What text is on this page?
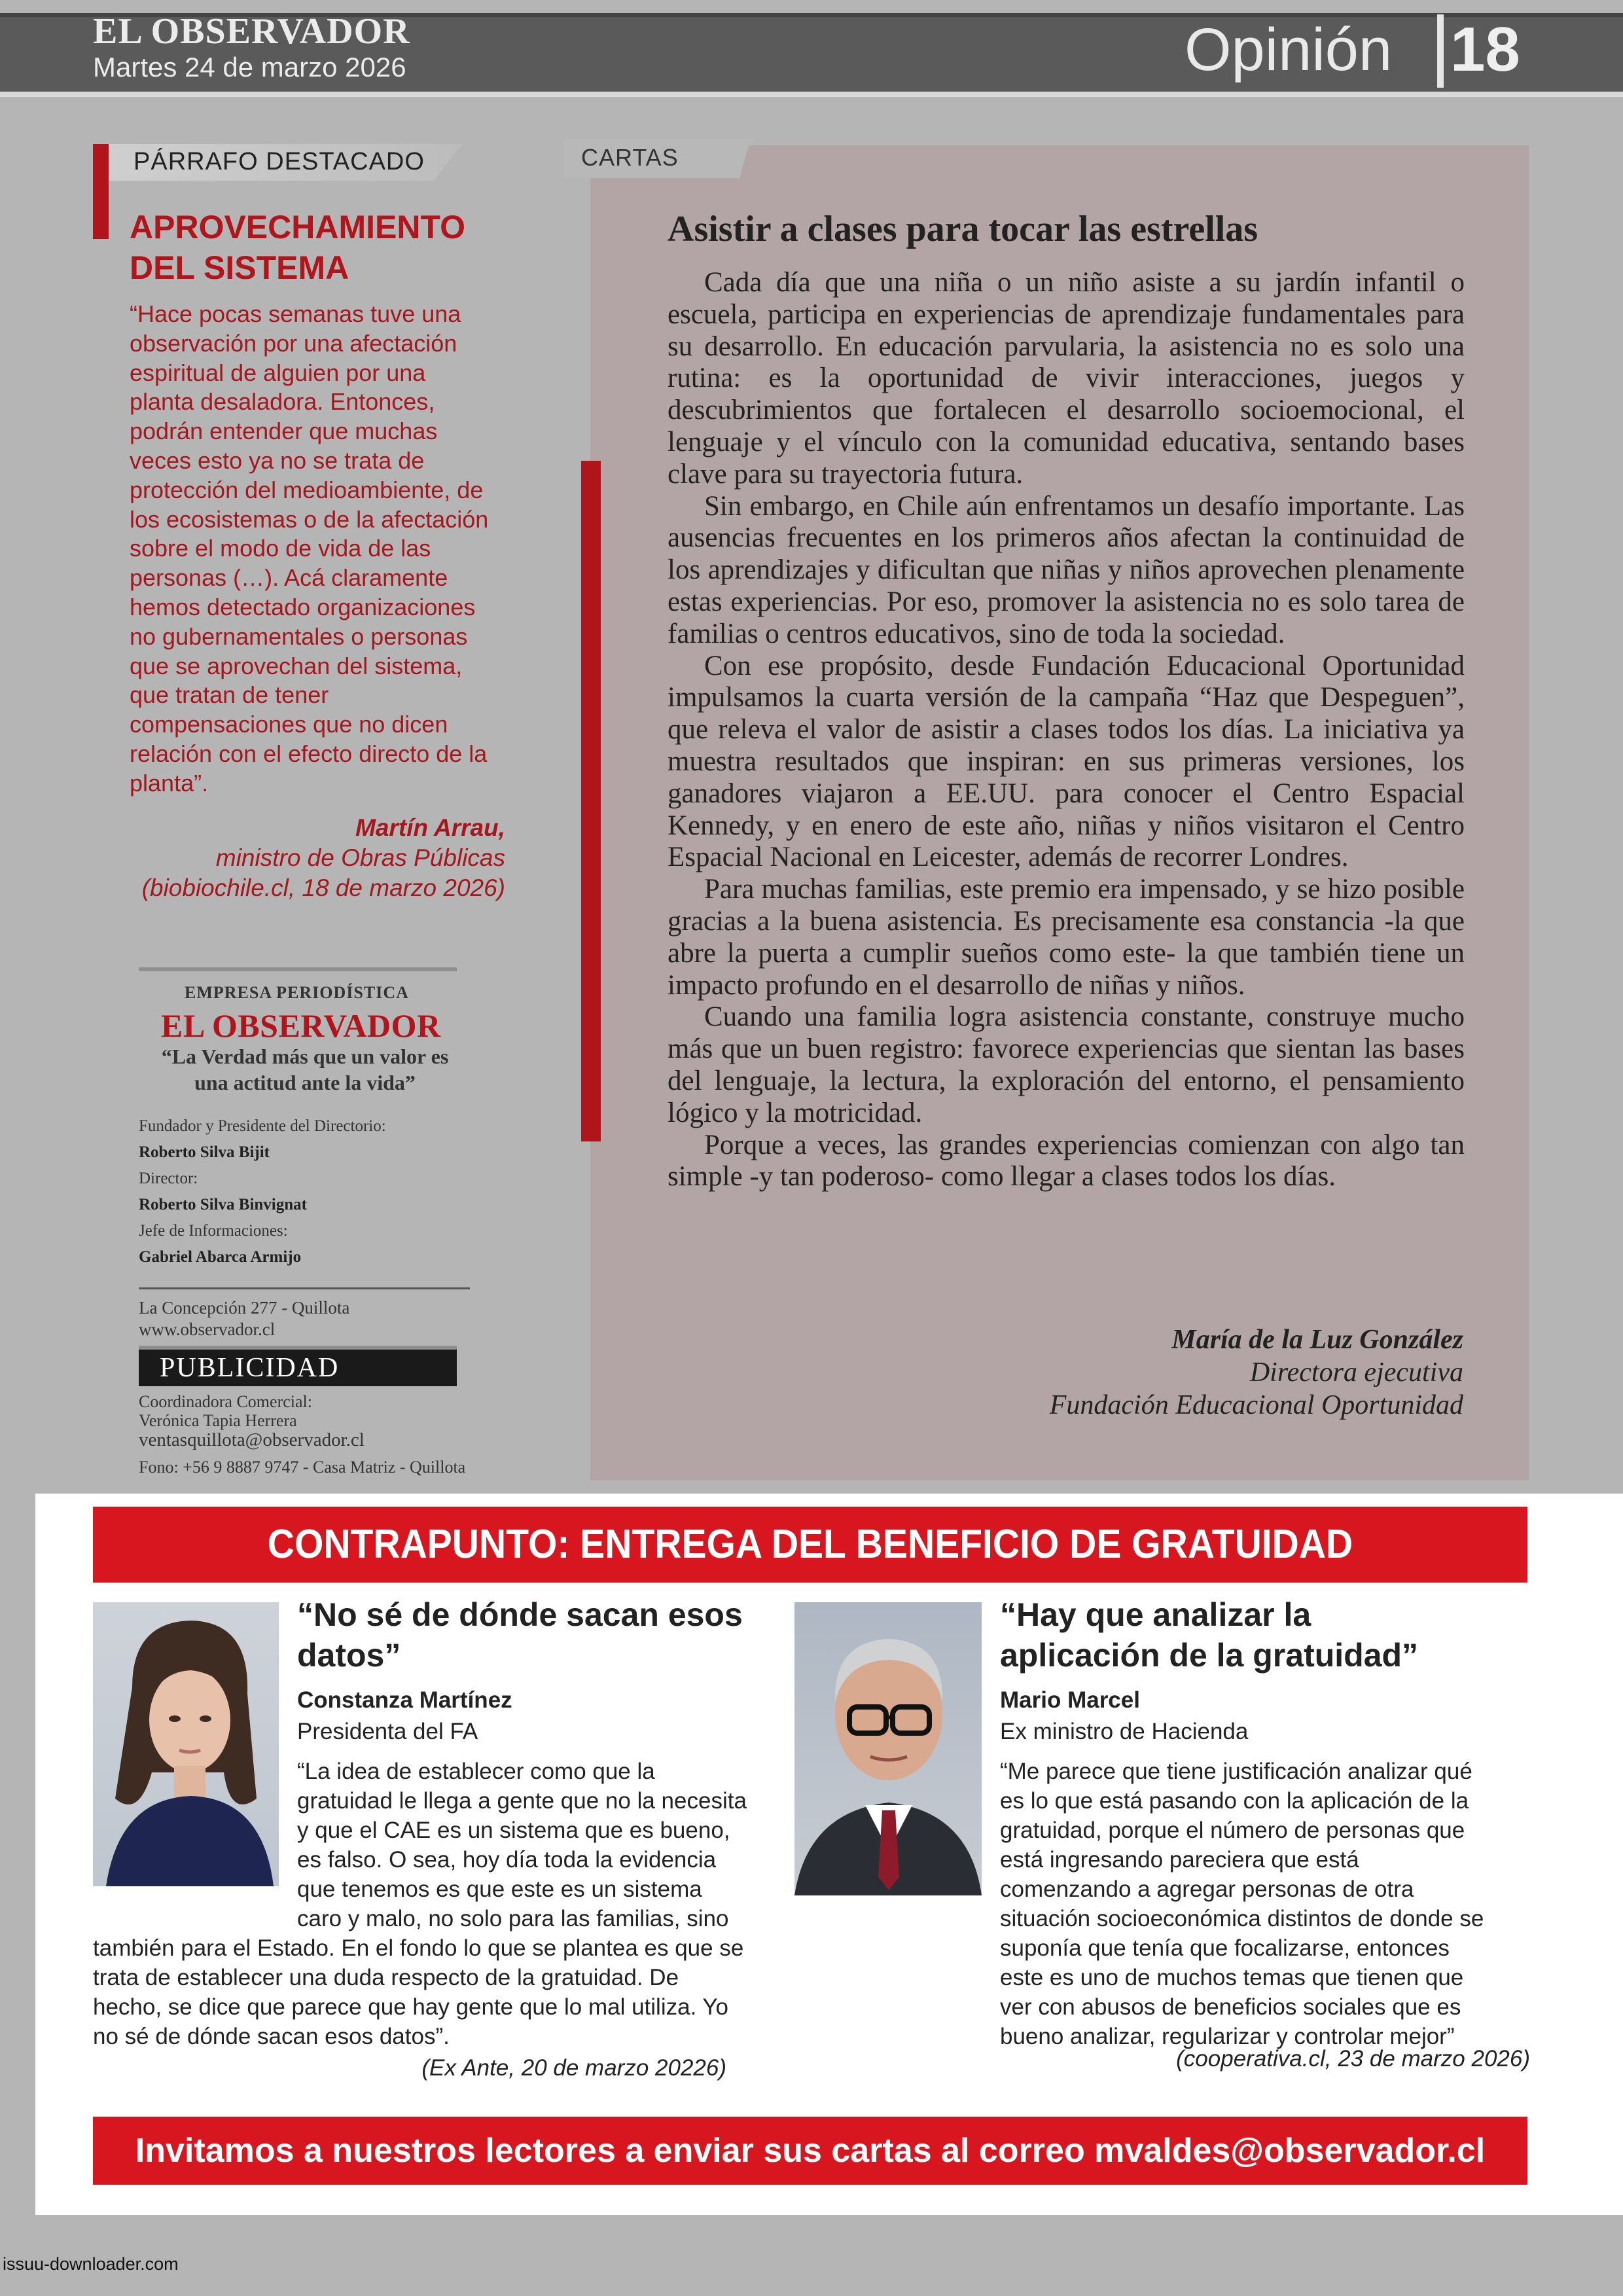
EL OBSERVADOR
Martes 24 de marzo 2026	Opinión 18
PÁRRAFO DESTACADO
APROVECHAMIENTO DEL SISTEMA
“Hace pocas semanas tuve una observación por una afectación espiritual de alguien por una planta desaladora. Entonces, podrán entender que muchas veces esto ya no se trata de protección del medioambiente, de los ecosistemas o de la afectación sobre el modo de vida de las personas (…). Acá claramente hemos detectado organizaciones no gubernamentales o personas que se aprovechan del sistema, que tratan de tener compensaciones que no dicen relación con el efecto directo de la planta”.
Martín Arrau,
ministro de Obras Públicas
(biobiochile.cl, 18 de marzo 2026)
EMPRESA PERIODÍSTICA
EL OBSERVADOR
“La Verdad más que un valor es una actitud ante la vida”
Fundador y Presidente del Directorio:
Roberto Silva Bijit
Director:
Roberto Silva Binvignat
Jefe de Informaciones:
Gabriel Abarca Armijo
La Concepción 277 - Quillota
www.observador.cl
PUBLICIDAD
Coordinadora Comercial:
Verónica Tapia Herrera
ventasquillota@observador.cl
Fono: +56 9 8887 9747 - Casa Matriz - Quillota
CARTAS
Asistir a clases para tocar las estrellas

Cada día que una niña o un niño asiste a su jardín infantil o escuela, participa en experiencias de aprendizaje fundamentales para su desarrollo. En educación parvularia, la asistencia no es solo una rutina: es la oportunidad de vivir interacciones, juegos y descubrimientos que fortalecen el desarrollo socioemocional, el lenguaje y el vínculo con la comunidad educativa, sentando bases clave para su trayectoria futura.

Sin embargo, en Chile aún enfrentamos un desafío importante. Las ausencias frecuentes en los primeros años afectan la continuidad de los aprendizajes y dificultan que niñas y niños aprovechen plenamente estas experiencias. Por eso, promover la asistencia no es solo tarea de familias o centros educativos, sino de toda la sociedad.

Con ese propósito, desde Fundación Educacional Oportunidad impulsamos la cuarta versión de la campaña “Haz que Despeguen”, que releva el valor de asistir a clases todos los días. La iniciativa ya muestra resultados que inspiran: en sus primeras versiones, los ganadores viajaron a EE.UU. para conocer el Centro Espacial Kennedy, y en enero de este año, niñas y niños visitaron el Centro Espacial Nacional en Leicester, además de recorrer Londres.

Para muchas familias, este premio era impensado, y se hizo posible gracias a la buena asistencia. Es precisamente esa constancia -la que abre la puerta a cumplir sueños como este- la que también tiene un impacto profundo en el desarrollo de niñas y niños.

Cuando una familia logra asistencia constante, construye mucho más que un buen registro: favorece experiencias que sientan las bases del lenguaje, la lectura, la exploración del entorno, el pensamiento lógico y la motricidad.

Porque a veces, las grandes experiencias comienzan con algo tan simple -y tan poderoso- como llegar a clases todos los días.

María de la Luz González
Directora ejecutiva
Fundación Educacional Oportunidad
CONTRAPUNTO: ENTREGA DEL BENEFICIO DE GRATUIDAD
“No sé de dónde sacan esos datos”
Constanza Martínez
Presidenta del FA
“La idea de establecer como que la gratuidad le llega a gente que no la necesita y que el CAE es un sistema que es bueno, es falso. O sea, hoy día toda la evidencia que tenemos es que este es un sistema caro y malo, no solo para las familias, sino también para el Estado. En el fondo lo que se plantea es que se trata de establecer una duda respecto de la gratuidad. De hecho, se dice que parece que hay gente que lo mal utiliza. Yo no sé de dónde sacan esos datos”.
(Ex Ante, 20 de marzo 20226)
“Hay que analizar la aplicación de la gratuidad”
Mario Marcel
Ex ministro de Hacienda
“Me parece que tiene justificación analizar qué es lo que está pasando con la aplicación de la gratuidad, porque el número de personas que está ingresando pareciera que está comenzando a agregar personas de otra situación socioeconómica distintos de donde se suponía que tenía que focalizarse, entonces este es uno de muchos temas que tienen que ver con abusos de beneficios sociales que es bueno analizar, regularizar y controlar mejor”
(cooperativa.cl, 23 de marzo 2026)
Invitamos a nuestros lectores a enviar sus cartas al correo mvaldes@observador.cl
issuu-downloader.com
